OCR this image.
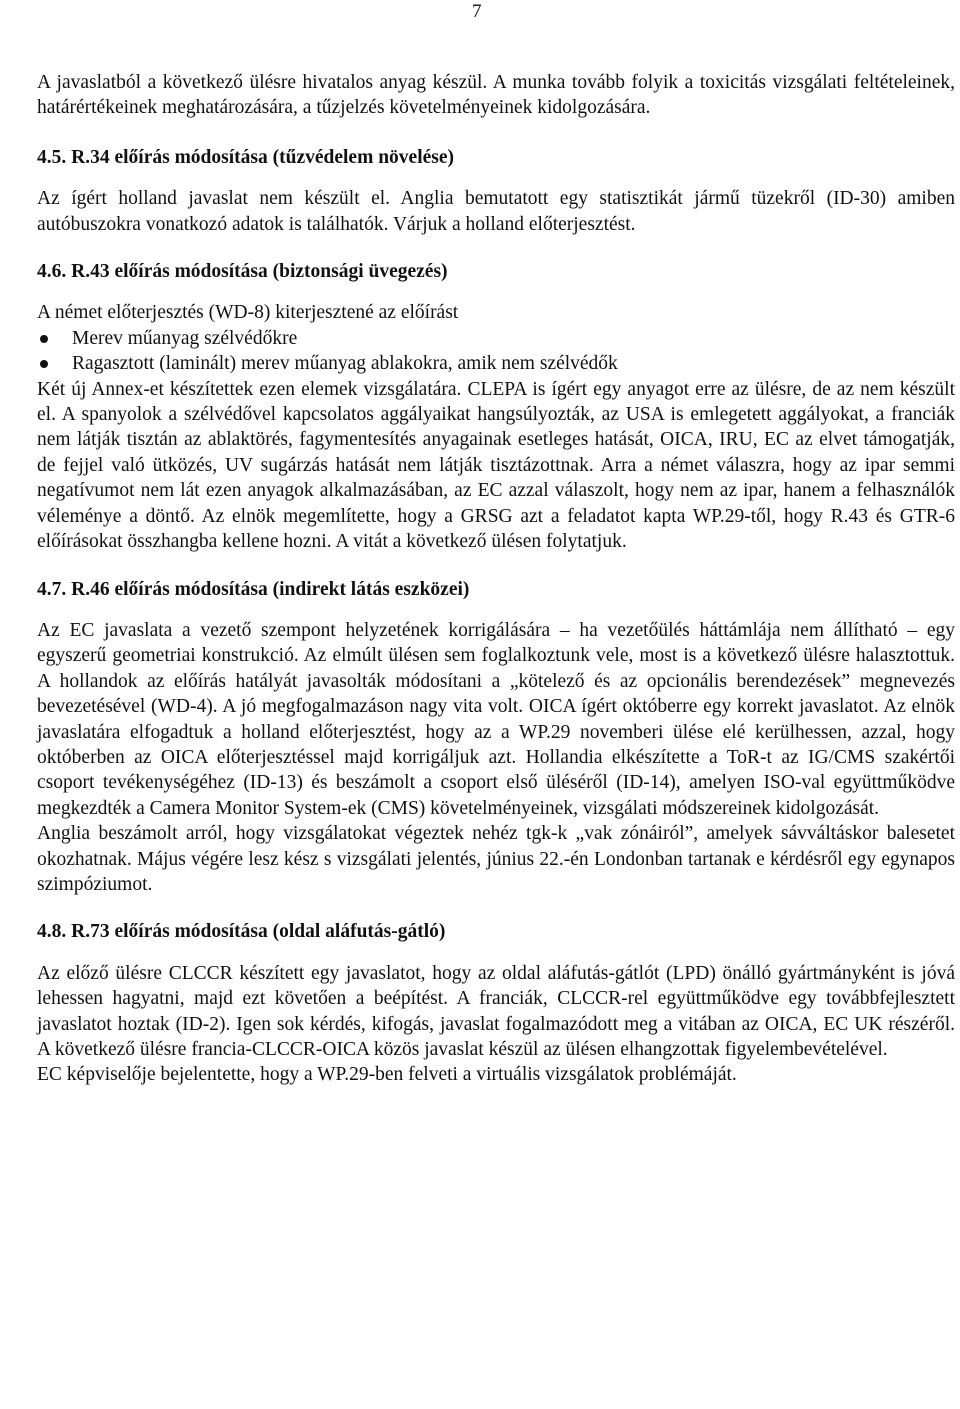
7

A javaslatból a következő ülésre hivatalos anyag készül. A munka tovább folyik a toxicitás vizsgálati feltételeinek, határértékeinek meghatározására, a tűzjelzés követelményeinek kidolgozására.

4.5. R.34 előírás módosítása (tűzvédelem növelése)

Az ígért holland javaslat nem készült el. Anglia bemutatott egy statisztikát jármű tüzekről (ID-30) amiben autóbuszokra vonatkozó adatok is találhatók. Várjuk a holland előterjesztést.

4.6. R.43 előírás módosítása (biztonsági üvegezés)

A német előterjesztés (WD-8) kiterjesztené az előírást

Merev műanyag szélvédőkre
Ragasztott (laminált) merev műanyag ablakokra, amik nem szélvédők

Két új Annex-et készítettek ezen elemek vizsgálatára. CLEPA is ígért egy anyagot erre az ülésre, de az nem készült el. A spanyolok a szélvédővel kapcsolatos aggályaikat hangsúlyozták, az USA is emlegetett aggályokat, a franciák nem látják tisztán az ablaktörés, fagymentesítés anyagainak esetleges hatását, OICA, IRU, EC az elvet támogatják, de fejjel való ütközés, UV sugárzás hatását nem látják tisztázottnak. Arra a német válaszra, hogy az ipar semmi negatívumot nem lát ezen anyagok alkalmazásában, az EC azzal válaszolt, hogy nem az ipar, hanem a felhasználók véleménye a döntő. Az elnök megemlítette, hogy a GRSG azt a feladatot kapta WP.29-től, hogy R.43 és GTR-6 előírásokat összhangba kellene hozni. A vitát a következő ülésen folytatjuk.

4.7. R.46 előírás módosítása (indirekt látás eszközei)

Az EC javaslata a vezető szempont helyzetének korrigálására – ha vezetőülés háttámlája nem állítható – egy egyszerű geometriai konstrukció. Az elmúlt ülésen sem foglalkoztunk vele, most is a következő ülésre halasztottuk. A hollandok az előírás hatályát javasolták módosítani a „kötelező és az opcionális berendezések” megnevezés bevezetésével (WD-4). A jó megfogalmazáson nagy vita volt. OICA ígért októberre egy korrekt javaslatot. Az elnök javaslatára elfogadtuk a holland előterjesztést, hogy az a WP.29 novemberi ülése elé kerülhessen, azzal, hogy októberben az OICA előterjesztéssel majd korrigáljuk azt. Hollandia elkészítette a ToR-t az IG/CMS szakértői csoport tevékenységéhez (ID-13) és beszámolt a csoport első üléséről (ID-14), amelyen ISO-val együttműködve megkezdték a Camera Monitor System-ek (CMS) követelményeinek, vizsgálati módszereinek kidolgozását.

Anglia beszámolt arról, hogy vizsgálatokat végeztek nehéz tgk-k „vak zónáiról”, amelyek sávváltáskor balesetet okozhatnak. Május végére lesz kész s vizsgálati jelentés, június 22.-én Londonban tartanak e kérdésről egy egynapos szimpóziumot.

4.8. R.73 előírás módosítása (oldal aláfutás-gátló)

Az előző ülésre CLCCR készített egy javaslatot, hogy az oldal aláfutás-gátlót (LPD) önálló gyártmányként is jóvá lehessen hagyatni, majd ezt követően a beépítést. A franciák, CLCCR-rel együttműködve egy továbbfejlesztett javaslatot hoztak (ID-2). Igen sok kérdés, kifogás, javaslat fogalmazódott meg a vitában az OICA, EC UK részéről. A következő ülésre francia-CLCCR-OICA közös javaslat készül az ülésen elhangzottak figyelembevételével.

EC képviselője bejelentette, hogy a WP.29-ben felveti a virtuális vizsgálatok problémáját.
